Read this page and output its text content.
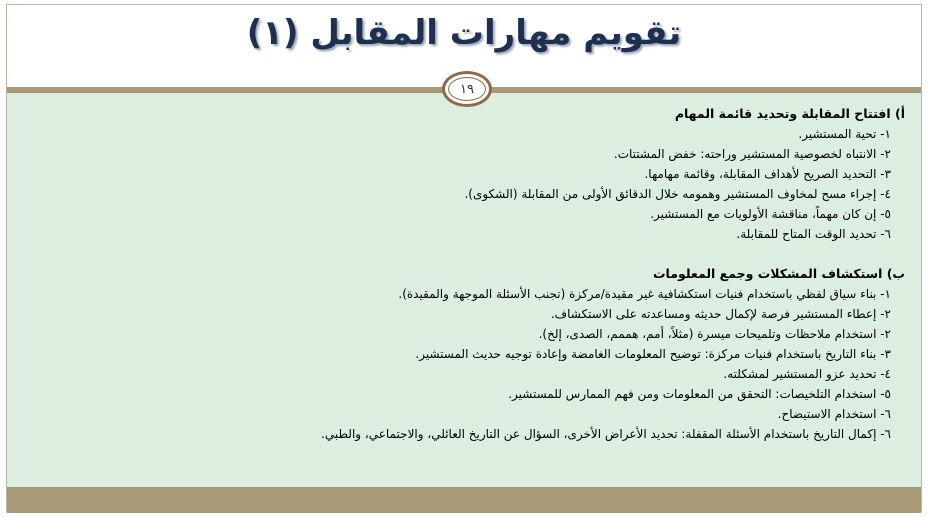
تقويم مهارات المقابل (١)
١٩
أ) افتتاح المقابلة وتحديد قائمة المهام
١- تحية المستشير.
٢- الانتباه لخصوصية المستشير وراحته: خفض المشتتات.
٣- التحديد الصريح لأهداف المقابلة، وقائمة مهامها.
٤- إجراء مسح لمخاوف المستشير وهمومه خلال الدقائق الأولى من المقابلة (الشكوى).
٥- إن كان مهماً، مناقشة الأولويات مع المستشير.
٦- تحديد الوقت المتاح للمقابلة.
ب) استكشاف المشكلات وجمع المعلومات
١- بناء سياق لفظي باستخدام فنيات استكشافية غير مقيدة/مركزة (تجنب الأسئلة الموجهة والمقيدة).
٢- إعطاء المستشير فرصة لإكمال حديثه ومساعدته على الاستكشاف.
٢- استخدام ملاحظات وتلميحات ميسرة (مثلاً، أمم، هممم، الصدى، إلخ).
٣- بناء التاريخ باستخدام فنيات مركزة: توضيح المعلومات الغامضة وإعادة توجيه حديث المستشير.
٤- تحديد عزو المستشير لمشكلته.
٥- استخدام التلخيصات: التحقق من المعلومات ومن فهم الممارس للمستشير.
٦- استخدام الاستيضاح.
٦- إكمال التاريخ باستخدام الأسئلة المقفلة: تحديد الأعراض الأخرى، السؤال عن التاريخ العائلي، والاجتماعي، والطبي.
